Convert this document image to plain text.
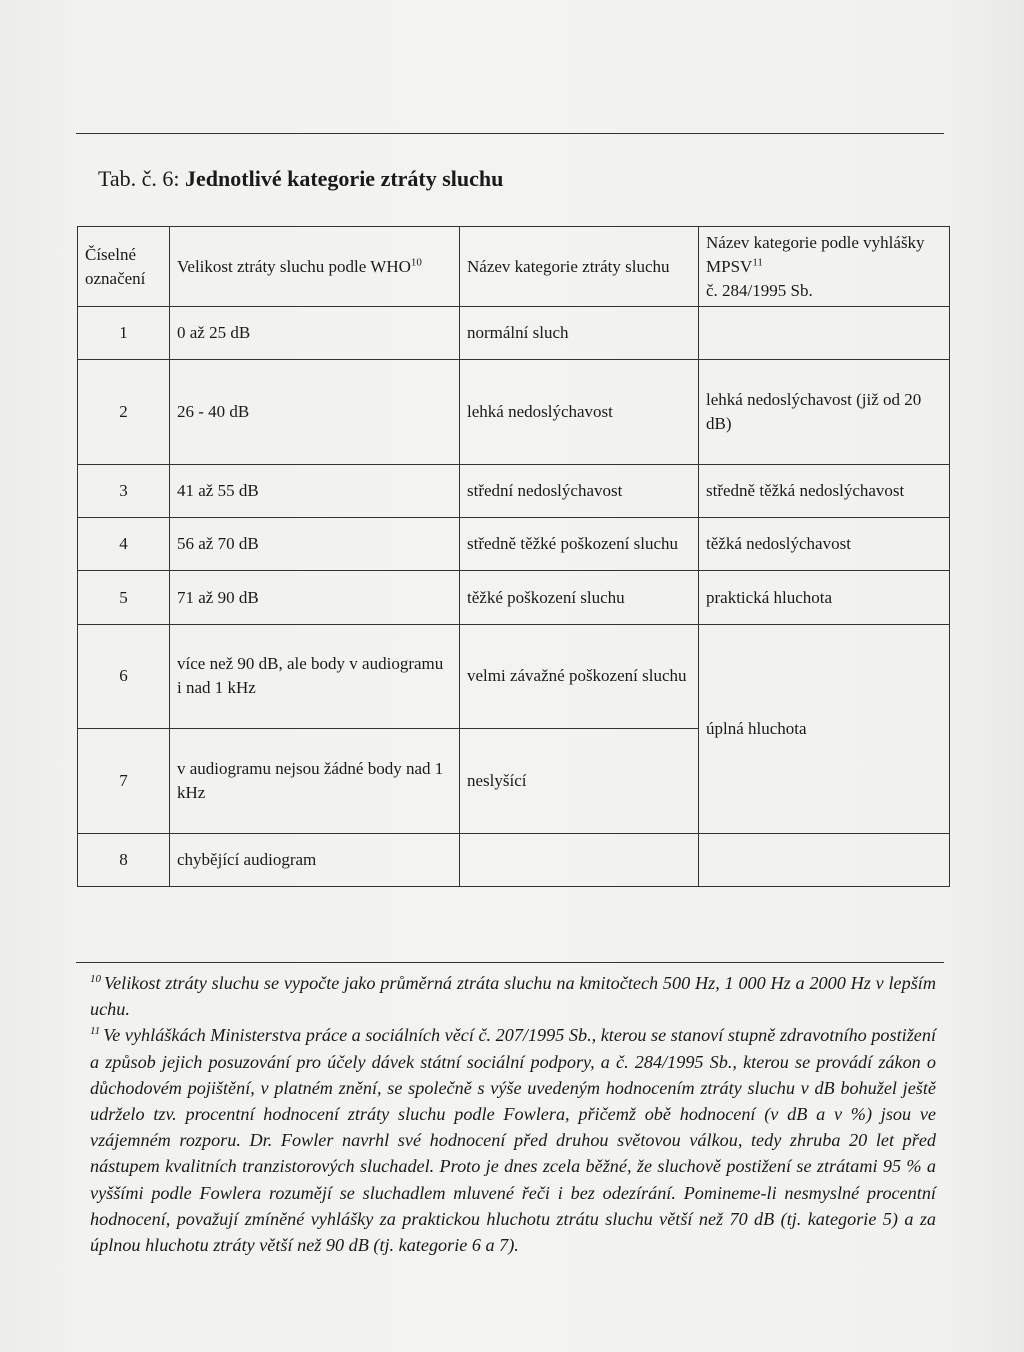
Tab. č. 6: Jednotlivé kategorie ztráty sluchu
Číselné označení	Velikost ztráty sluchu podle WHO$^{10}$	Název kategorie ztráty sluchu	Název kategorie podle vyhlášky MPSV$^{11}$
č. 284/1995 Sb.
1	0 až 25 dB	normální sluch	
2	26 - 40 dB	lehká nedoslýchavost	lehká nedoslýchavost (již od 20 dB)
3	41 až 55 dB	střední nedoslýchavost	středně těžká nedoslýchavost
4	56 až 70 dB	středně těžké poškození sluchu	těžká nedoslýchavost
5	71 až 90 dB	těžké poškození sluchu	praktická hluchota
6	více než 90 dB, ale body v audiogramu i nad 1 kHz	velmi závažné poškození sluchu	úplná hluchota
7	v audiogramu nejsou žádné body nad 1 kHz	neslyšící	
8	chybějící audiogram		

$^{10}$ Velikost ztráty sluchu se vypočte jako průměrná ztráta sluchu na kmitočtech 500 Hz, 1 000 Hz a 2000 Hz v lepším uchu.

$^{11}$ Ve vyhláškách Ministerstva práce a sociálních věcí č. 207/1995 Sb., kterou se stanoví stupně zdravotního postižení a způsob jejich posuzování pro účely dávek státní sociální podpory, a č. 284/1995 Sb., kterou se provádí zákon o důchodovém pojištění, v platném znění, se společně s výše uvedeným hodnocením ztráty sluchu v dB bohužel ještě udrželo tzv. procentní hodnocení ztráty sluchu podle Fowlera, přičemž obě hodnocení (v dB a v %) jsou ve vzájemném rozporu. Dr. Fowler navrhl své hodnocení před druhou světovou válkou, tedy zhruba 20 let před nástupem kvalitních tranzistorových sluchadel. Proto je dnes zcela běžné, že sluchově postižení se ztrátami 95 % a vyššími podle Fowlera rozumějí se sluchadlem mluvené řeči i bez odezírání. Pomineme-li nesmyslné procentní hodnocení, považují zmíněné vyhlášky za praktickou hluchotu ztrátu sluchu větší než 70 dB (tj. kategorie 5) a za úplnou hluchotu ztráty větší než 90 dB (tj. kategorie 6 a 7).
